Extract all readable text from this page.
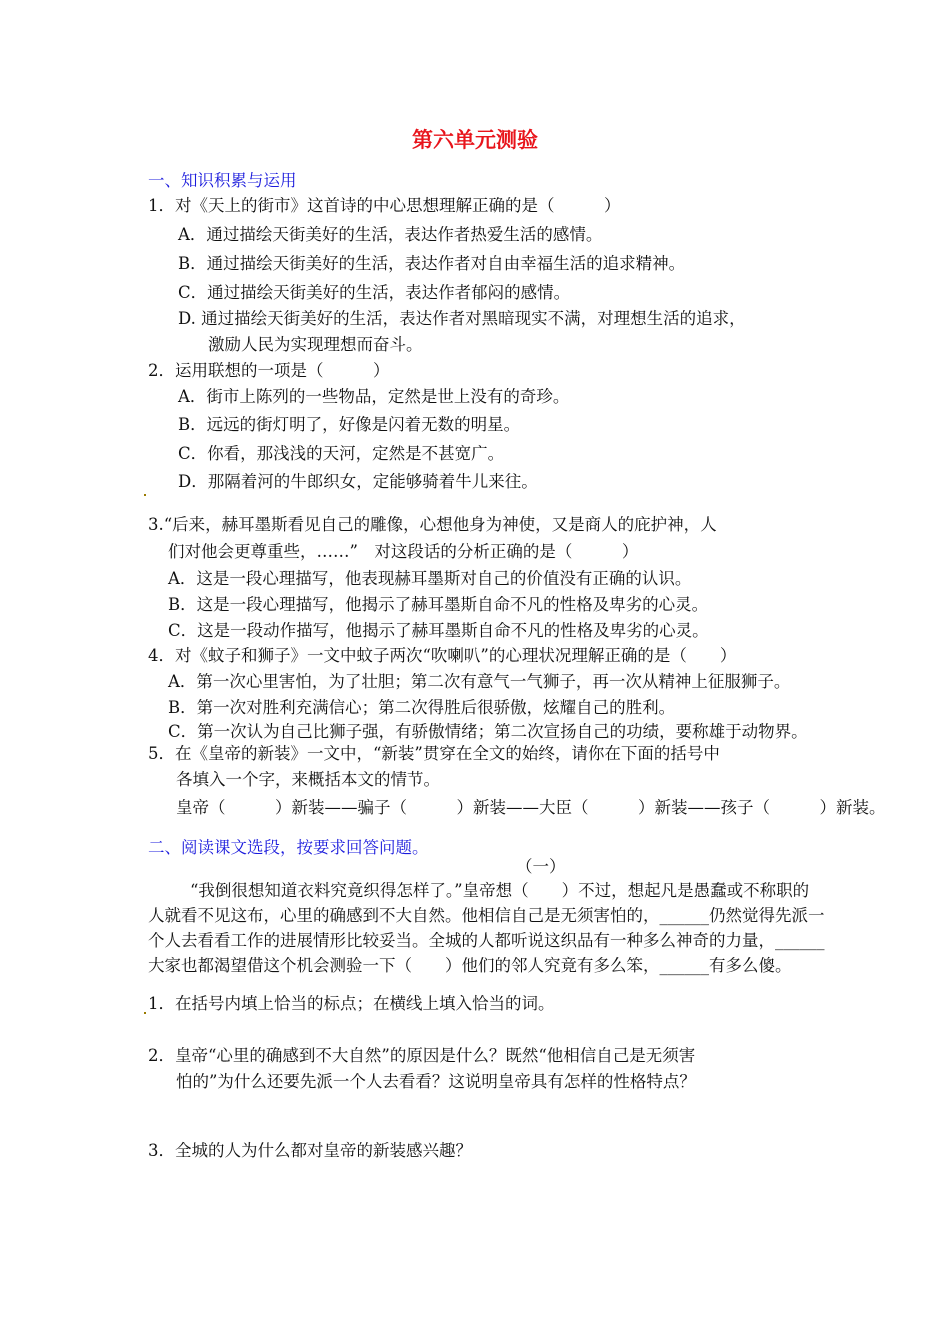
第六单元测验
一、知识积累与运用
1．对《天上的街市》这首诗的中心思想理解正确的是（　　　）
A．通过描绘天街美好的生活，表达作者热爱生活的感情。
B．通过描绘天街美好的生活，表达作者对自由幸福生活的追求精神。
C．通过描绘天街美好的生活，表达作者郁闷的感情。
D. 通过描绘天街美好的生活，表达作者对黑暗现实不满，对理想生活的追求，
激励人民为实现理想而奋斗。
2．运用联想的一项是（　　　）
A．街市上陈列的一些物品，定然是世上没有的奇珍。
B．远远的街灯明了，好像是闪着无数的明星。
C．你看，那浅浅的天河，定然是不甚宽广。
D．那隔着河的牛郎织女，定能够骑着牛儿来往。
3.“后来，赫耳墨斯看见自己的雕像，心想他身为神使，又是商人的庇护神，人
们对他会更尊重些，……”　对这段话的分析正确的是（　　　）
A．这是一段心理描写，他表现赫耳墨斯对自己的价值没有正确的认识。
B．这是一段心理描写，他揭示了赫耳墨斯自命不凡的性格及卑劣的心灵。
C．这是一段动作描写，他揭示了赫耳墨斯自命不凡的性格及卑劣的心灵。
4．对《蚊子和狮子》一文中蚊子两次“吹喇叭”的心理状况理解正确的是（　　）
A．第一次心里害怕，为了壮胆；第二次有意气一气狮子，再一次从精神上征服狮子。
B．第一次对胜利充满信心；第二次得胜后很骄傲，炫耀自己的胜利。
C．第一次认为自己比狮子强，有骄傲情绪；第二次宣扬自己的功绩，要称雄于动物界。
5．在《皇帝的新装》一文中，“新装”贯穿在全文的始终，请你在下面的括号中
各填入一个字，来概括本文的情节。
皇帝（　　　）新装——骗子（　　　）新装——大臣（　　　）新装——孩子（　　　）新装。
二、阅读课文选段，按要求回答问题。
（一）
“我倒很想知道衣料究竟织得怎样了。”皇帝想（　　）不过，想起凡是愚蠢或不称职的
人就看不见这布，心里的确感到不大自然。他相信自己是无须害怕的，______仍然觉得先派一
个人去看看工作的进展情形比较妥当。全城的人都听说这织品有一种多么神奇的力量，______
大家也都渴望借这个机会测验一下（　　）他们的邻人究竟有多么笨，______有多么傻。
1．在括号内填上恰当的标点；在横线上填入恰当的词。
2．皇帝“心里的确感到不大自然”的原因是什么？既然“他相信自己是无须害
怕的”为什么还要先派一个人去看看？这说明皇帝具有怎样的性格特点？
3．全城的人为什么都对皇帝的新装感兴趣？
